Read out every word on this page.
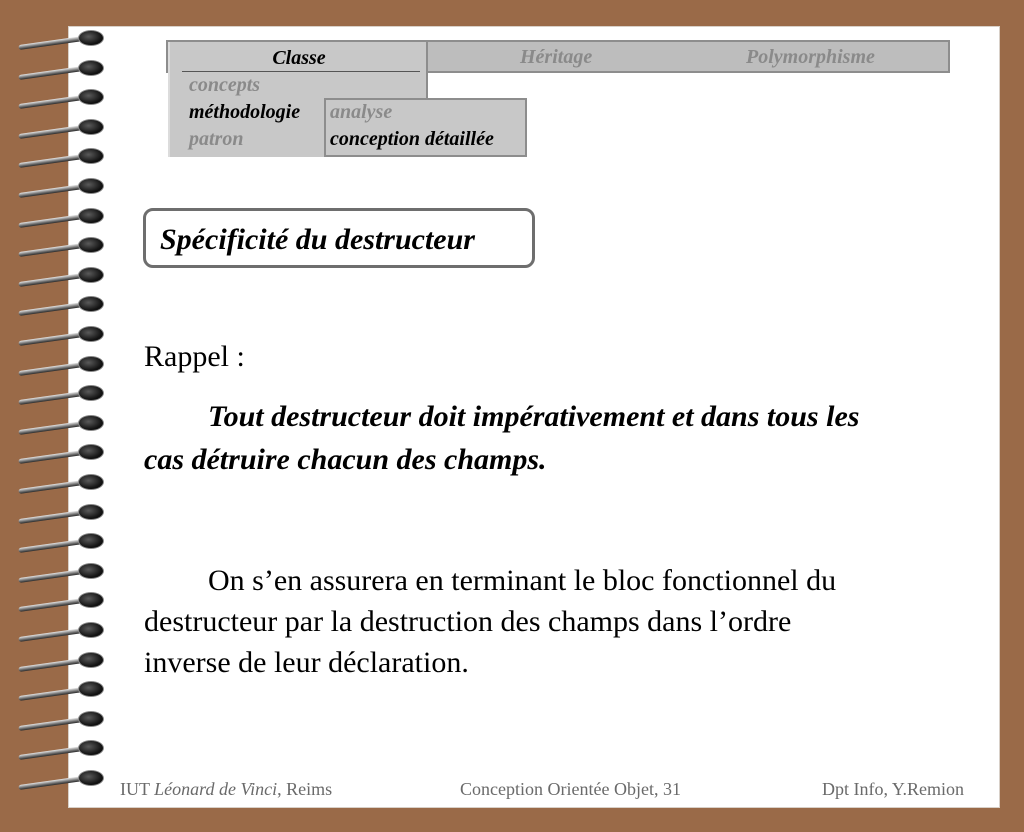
Héritage	Polymorphisme
Classe
concepts
méthodologie
patron
analyse
conception détaillée
Spécificité du destructeur
Rappel :
Tout destructeur doit impérativement et dans tous les
cas détruire chacun des champs.
On s’en assurera en terminant le bloc fonctionnel du
destructeur par la destruction des champs dans l’ordre
inverse de leur déclaration.
IUT Léonard de Vinci, Reims	Conception Orientée Objet, 31	Dpt Info, Y.Remion
